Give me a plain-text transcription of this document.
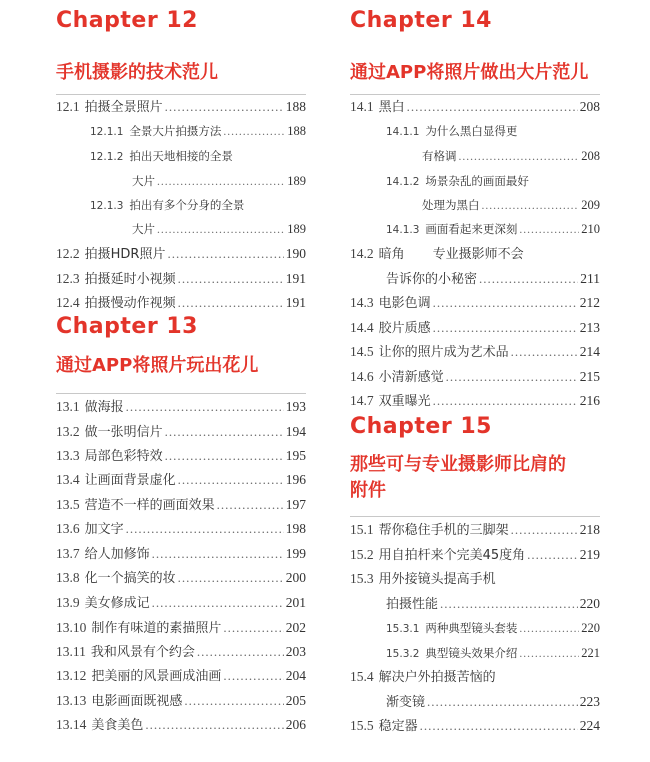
Chapter 12
手机摄影的技术范儿
12.1 拍摄全景照片 .....	188
12.1.1 全景大片拍摄方法 .....	188
12.1.2 拍出天地相接的全景
大片 .....	189
12.1.3 拍出有多个分身的全景
大片 .....	189
12.2 拍摄HDR照片 .....	190
12.3 拍摄延时小视频 .....	191
12.4 拍摄慢动作视频 .....	191
Chapter 13
通过APP将照片玩出花儿
13.1 做海报 .....	193
13.2 做一张明信片 .....	194
13.3 局部色彩特效 .....	195
13.4 让画面背景虚化 .....	196
13.5 营造不一样的画面效果 .....	197
13.6 加文字 .....	198
13.7 给人加修饰 .....	199
13.8 化一个搞笑的妆 .....	200
13.9 美女修成记 .....	201
13.10 制作有味道的素描照片 .....	202
13.11 我和风景有个约会 .....	203
13.12 把美丽的风景画成油画 .....	204
13.13 电影画面既视感 .....	205
13.14 美食美色 .....	206
Chapter 14
通过APP将照片做出大片范儿
14.1 黑白 .....	208
14.1.1 为什么黑白显得更
有格调 .....	208
14.1.2 场景杂乱的画面最好
处理为黑白 .....	209
14.1.3 画面看起来更深刻 .....	210
14.2 暗角 专业摄影师不会
告诉你的小秘密 .....	211
14.3 电影色调 .....	212
14.4 胶片质感 .....	213
14.5 让你的照片成为艺术品 .....	214
14.6 小清新感觉 .....	215
14.7 双重曝光 .....	216
Chapter 15
那些可与专业摄影师比肩的
附件
15.1 帮你稳住手机的三脚架 .....	218
15.2 用自拍杆来个完美45度角 .....	219
15.3 用外接镜头提高手机
拍摄性能 .....	220
15.3.1 两种典型镜头套装 .....	220
15.3.2 典型镜头效果介绍 .....	221
15.4 解决户外拍摄苦恼的
渐变镜 .....	223
15.5 稳定器 .....	224
